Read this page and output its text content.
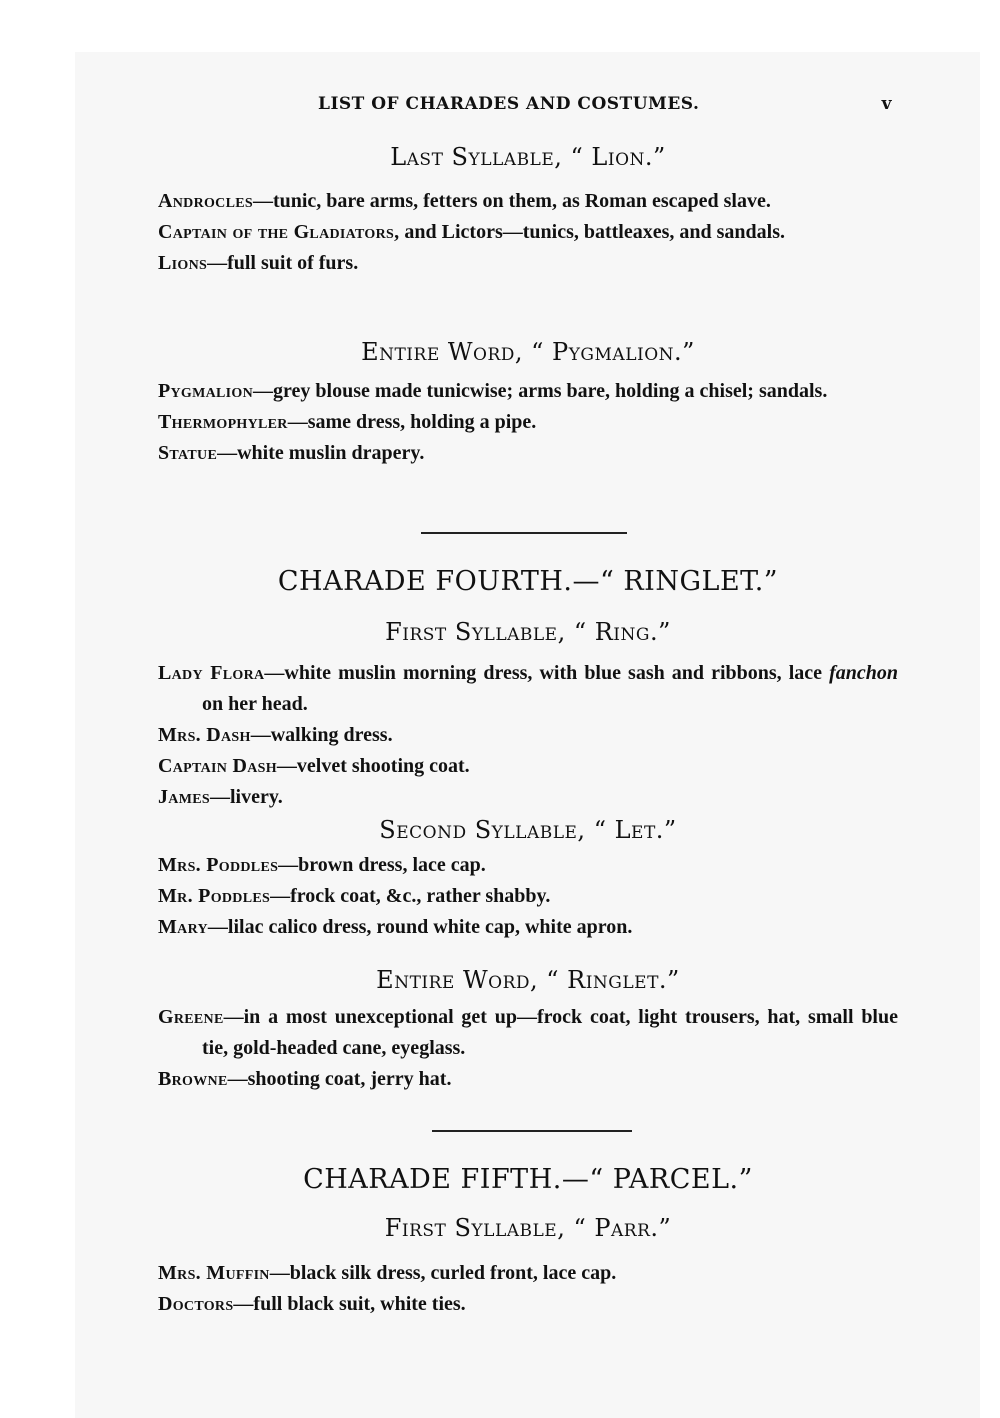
LIST OF CHARADES AND COSTUMES.	v

Last Syllable, “ Lion.”

Androcles—tunic, bare arms, fetters on them, as Roman escaped slave.

Captain of the Gladiators, and Lictors—tunics, battleaxes, and sandals.

Lions—full suit of furs.

Entire Word, “ Pygmalion.”

Pygmalion—grey blouse made tunicwise; arms bare, holding a chisel; sandals.

Thermophyler—same dress, holding a pipe.

Statue—white muslin drapery.

CHARADE FOURTH.—“ RINGLET.”

First Syllable, “ Ring.”

Lady Flora—white muslin morning dress, with blue sash and ribbons, lace fanchon on her head.

Mrs. Dash—walking dress.

Captain Dash—velvet shooting coat.

James—livery.

Second Syllable, “ Let.”

Mrs. Poddles—brown dress, lace cap.

Mr. Poddles—frock coat, &c., rather shabby.

Mary—lilac calico dress, round white cap, white apron.

Entire Word, “ Ringlet.”

Greene—in a most unexceptional get up—frock coat, light trousers, hat, small blue tie, gold-headed cane, eyeglass.

Browne—shooting coat, jerry hat.

CHARADE FIFTH.—“ PARCEL.”

First Syllable, “ Parr.”

Mrs. Muffin—black silk dress, curled front, lace cap.

Doctors—full black suit, white ties.
